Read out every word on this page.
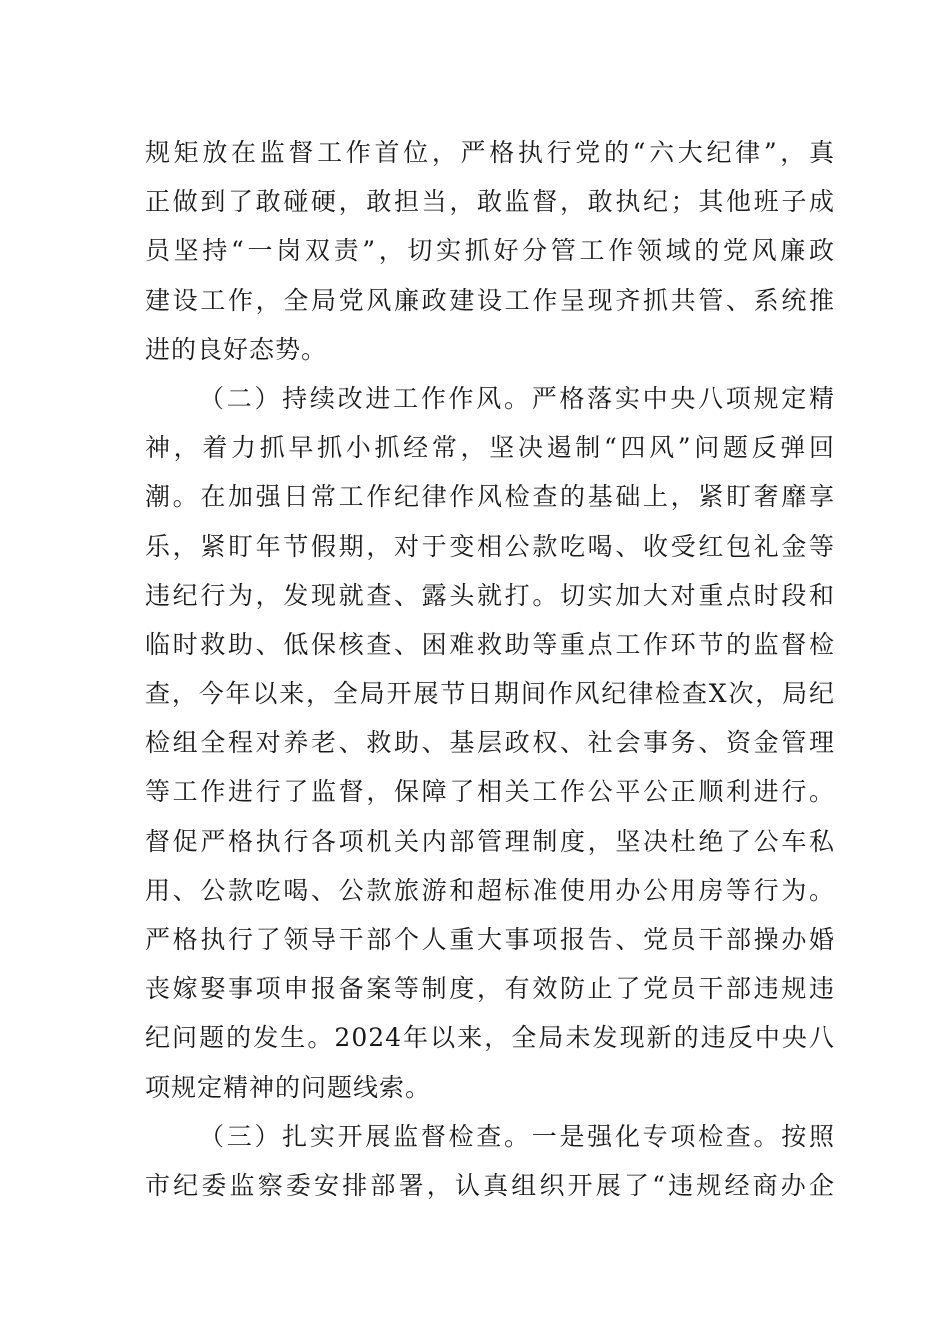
规矩放在监督工作首位，严格执行党的“六大纪律”，真
正做到了敢碰硬，敢担当，敢监督，敢执纪；其他班子成
员坚持“一岗双责”，切实抓好分管工作领域的党风廉政
建设工作，全局党风廉政建设工作呈现齐抓共管、系统推
进的良好态势。
（二）持续改进工作作风。严格落实中央八项规定精
神，着力抓早抓小抓经常，坚决遏制“四风”问题反弹回
潮。在加强日常工作纪律作风检查的基础上，紧盯奢靡享
乐，紧盯年节假期，对于变相公款吃喝、收受红包礼金等
违纪行为，发现就查、露头就打。切实加大对重点时段和
临时救助、低保核查、困难救助等重点工作环节的监督检
查，今年以来，全局开展节日期间作风纪律检查X次，局纪
检组全程对养老、救助、基层政权、社会事务、资金管理
等工作进行了监督，保障了相关工作公平公正顺利进行。
督促严格执行各项机关内部管理制度，坚决杜绝了公车私
用、公款吃喝、公款旅游和超标准使用办公用房等行为。
严格执行了领导干部个人重大事项报告、党员干部操办婚
丧嫁娶事项申报备案等制度，有效防止了党员干部违规违
纪问题的发生。2024年以来，全局未发现新的违反中央八
项规定精神的问题线索。
（三）扎实开展监督检查。一是强化专项检查。按照
市纪委监察委安排部署，认真组织开展了“违规经商办企
